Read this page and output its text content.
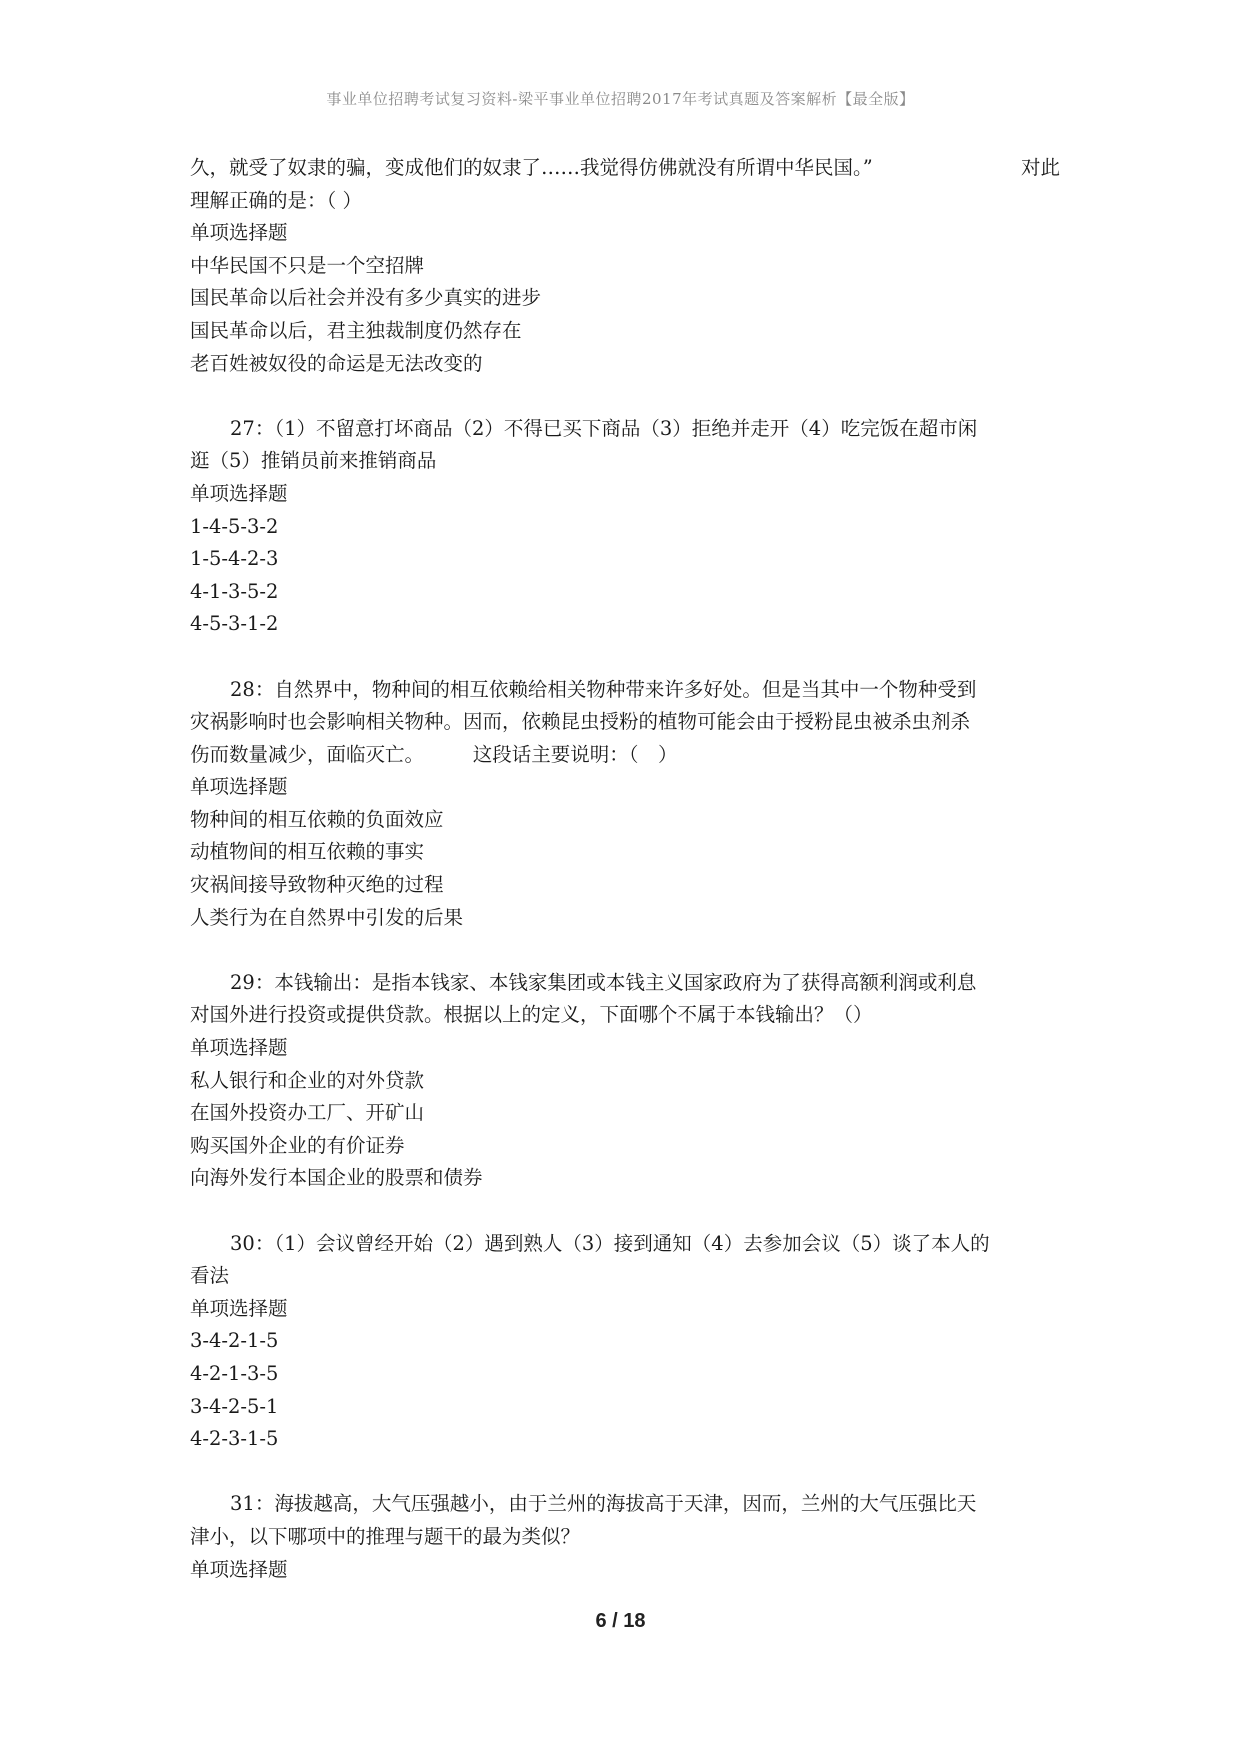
事业单位招聘考试复习资料-梁平事业单位招聘2017年考试真题及答案解析【最全版】
久，就受了奴隶的骗，变成他们的奴隶了……我觉得仿佛就没有所谓中华民国。”	对此
理解正确的是：（ ）
单项选择题
中华民国不只是一个空招牌
国民革命以后社会并没有多少真实的进步
国民革命以后，君主独裁制度仍然存在
老百姓被奴役的命运是无法改变的
27：（1）不留意打坏商品（2）不得已买下商品（3）拒绝并走开（4）吃完饭在超市闲
逛（5）推销员前来推销商品
单项选择题
1-4-5-3-2
1-5-4-2-3
4-1-3-5-2
4-5-3-1-2
28：自然界中，物种间的相互依赖给相关物种带来许多好处。但是当其中一个物种受到
灾祸影响时也会影响相关物种。因而，依赖昆虫授粉的植物可能会由于授粉昆虫被杀虫剂杀
伤而数量减少，面临灭亡。　　　这段话主要说明：（　）
单项选择题
物种间的相互依赖的负面效应
动植物间的相互依赖的事实
灾祸间接导致物种灭绝的过程
人类行为在自然界中引发的后果
29：本钱输出：是指本钱家、本钱家集团或本钱主义国家政府为了获得高额利润或利息
对国外进行投资或提供贷款。根据以上的定义，下面哪个不属于本钱输出？（）
单项选择题
私人银行和企业的对外贷款
在国外投资办工厂、开矿山
购买国外企业的有价证券
向海外发行本国企业的股票和债券
30：（1）会议曾经开始（2）遇到熟人（3）接到通知（4）去参加会议（5）谈了本人的
看法
单项选择题
3-4-2-1-5
4-2-1-3-5
3-4-2-5-1
4-2-3-1-5
31：海拔越高，大气压强越小，由于兰州的海拔高于天津，因而，兰州的大气压强比天
津小，以下哪项中的推理与题干的最为类似？
单项选择题
6 / 18
